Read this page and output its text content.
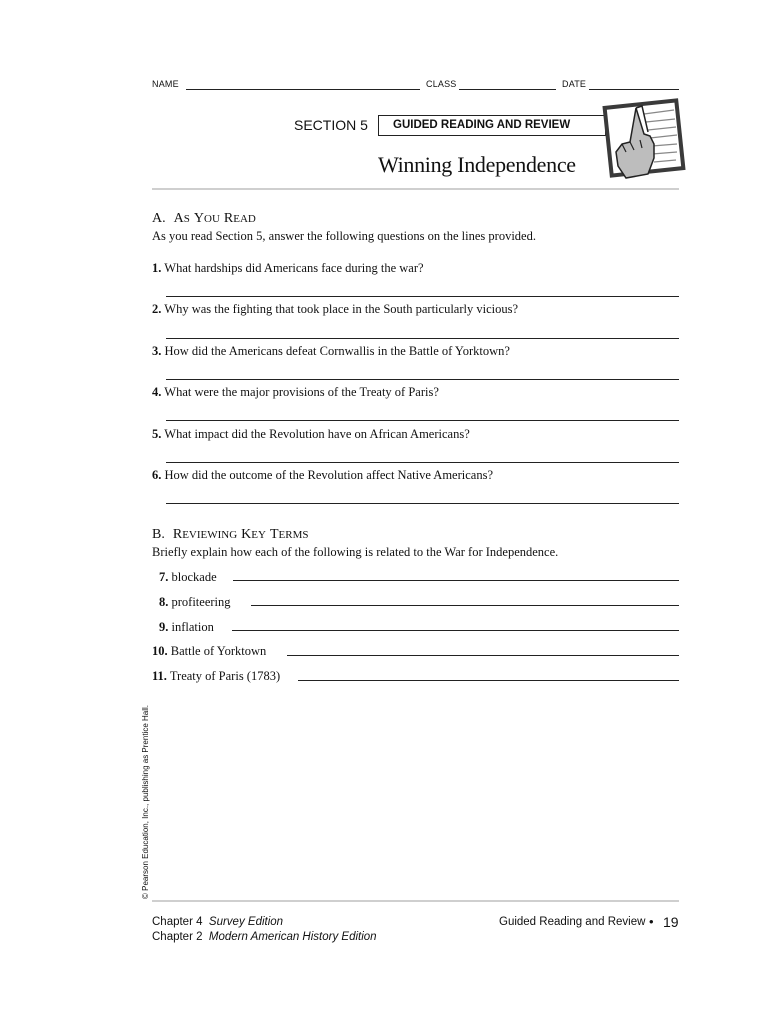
NAME	CLASS	DATE
SECTION 5	GUIDED READING AND REVIEW
Winning Independence
A. AS YOU READ
As you read Section 5, answer the following questions on the lines provided.
1. What hardships did Americans face during the war?
2. Why was the fighting that took place in the South particularly vicious?
3. How did the Americans defeat Cornwallis in the Battle of Yorktown?
4. What were the major provisions of the Treaty of Paris?
5. What impact did the Revolution have on African Americans?
6. How did the outcome of the Revolution affect Native Americans?
B. REVIEWING KEY TERMS
Briefly explain how each of the following is related to the War for Independence.
7. blockade
8. profiteering
9. inflation
10. Battle of Yorktown
11. Treaty of Paris (1783)
© Pearson Education, Inc., publishing as Prentice Hall.
Chapter 4 Survey Edition
Chapter 2 Modern American History Edition
Guided Reading and Review • 19
